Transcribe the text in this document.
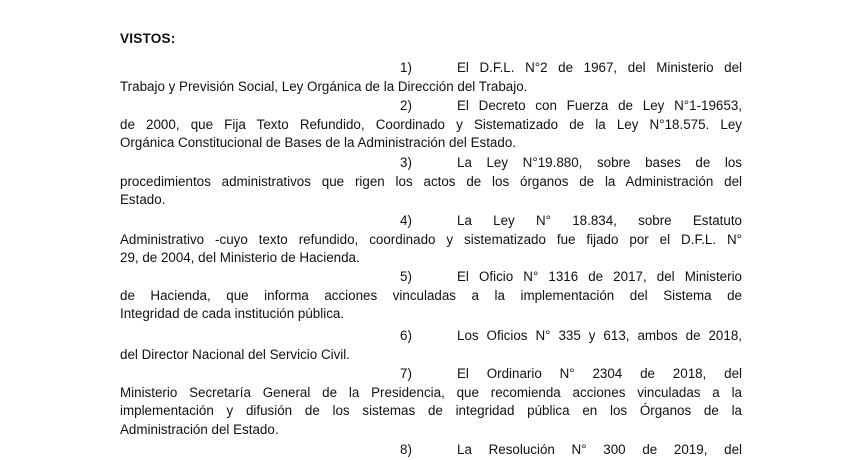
VISTOS:
1)	El D.F.L. N°2 de 1967, del Ministerio del
Trabajo y Previsión Social, Ley Orgánica de la Dirección del Trabajo.
2)	El Decreto con Fuerza de Ley N°1-19653,
de 2000, que Fija Texto Refundido, Coordinado y Sistematizado de la Ley N°18.575. Ley
Orgánica Constitucional de Bases de la Administración del Estado.
3)	La Ley N°19.880, sobre bases de los
procedimientos administrativos que rigen los actos de los órganos de la Administración del
Estado.
4)	La Ley N° 18.834, sobre Estatuto
Administrativo -cuyo texto refundido, coordinado y sistematizado fue fijado por el D.F.L. N°
29, de 2004, del Ministerio de Hacienda.
5)	El Oficio N° 1316 de 2017, del Ministerio
de Hacienda, que informa acciones vinculadas a la implementación del Sistema de
Integridad de cada institución pública.
6)	Los Oficios N° 335 y 613, ambos de 2018,
del Director Nacional del Servicio Civil.
7)	El Ordinario N° 2304 de 2018, del
Ministerio Secretaría General de la Presidencia, que recomienda acciones vinculadas a la
implementación y difusión de los sistemas de integridad pública en los Órganos de la
Administración del Estado.
8)	La Resolución N° 300 de 2019, del
